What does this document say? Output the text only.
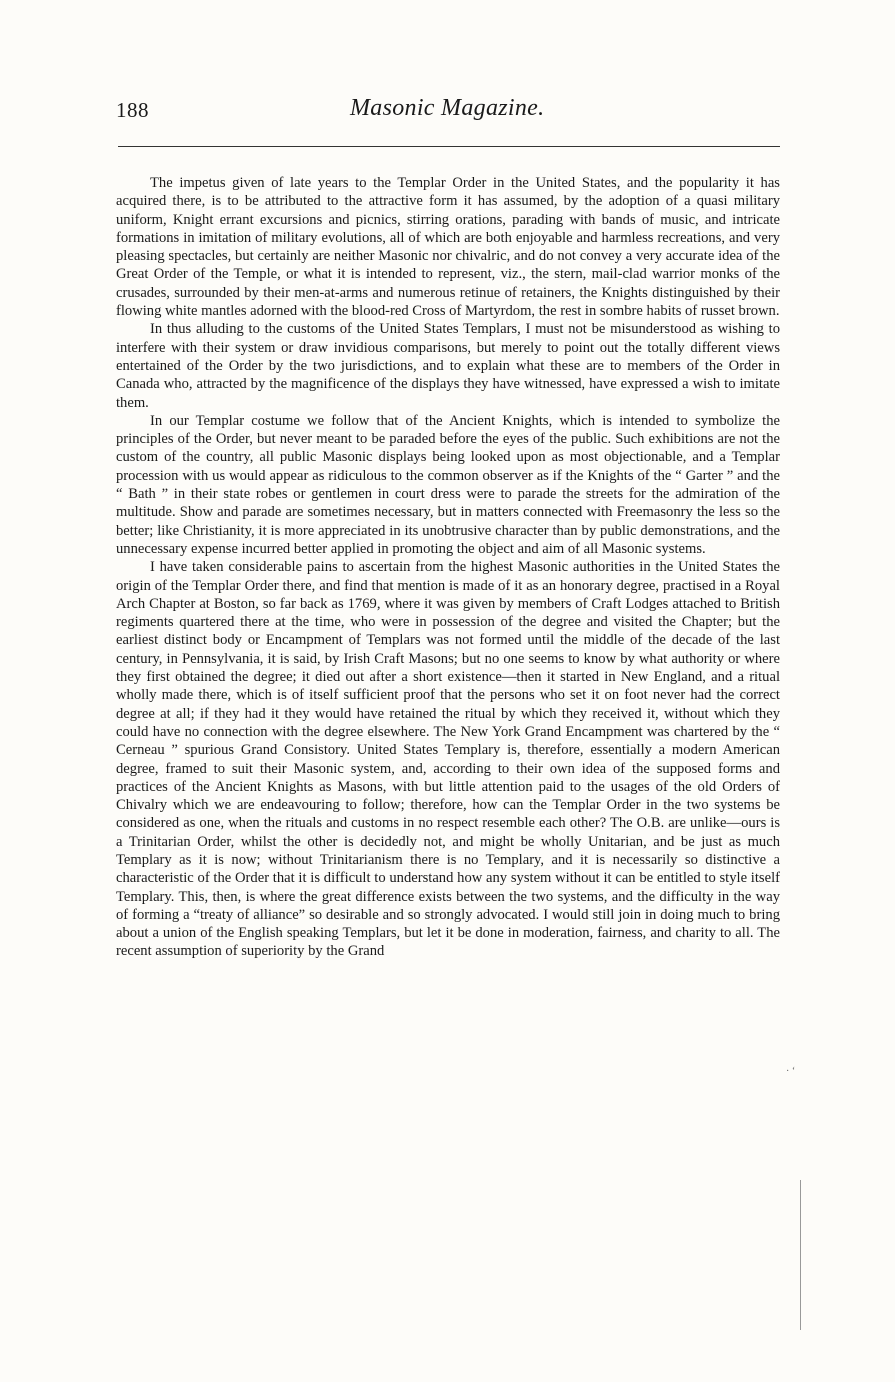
188	Masonic Magazine.

The impetus given of late years to the Templar Order in the United States, and the popularity it has acquired there, is to be attributed to the attractive form it has assumed, by the adoption of a quasi military uniform, Knight errant excursions and picnics, stirring orations, parading with bands of music, and intricate formations in imitation of military evolutions, all of which are both enjoyable and harmless recreations, and very pleasing spectacles, but certainly are neither Masonic nor chivalric, and do not convey a very accurate idea of the Great Order of the Temple, or what it is intended to represent, viz., the stern, mail-clad warrior monks of the crusades, surrounded by their men-at-arms and numerous retinue of retainers, the Knights distinguished by their flowing white mantles adorned with the blood-red Cross of Martyrdom, the rest in sombre habits of russet brown.

In thus alluding to the customs of the United States Templars, I must not be misunderstood as wishing to interfere with their system or draw invidious comparisons, but merely to point out the totally different views entertained of the Order by the two jurisdictions, and to explain what these are to members of the Order in Canada who, attracted by the magnificence of the displays they have witnessed, have expressed a wish to imitate them.

In our Templar costume we follow that of the Ancient Knights, which is intended to symbolize the principles of the Order, but never meant to be paraded before the eyes of the public. Such exhibitions are not the custom of the country, all public Masonic displays being looked upon as most objectionable, and a Templar procession with us would appear as ridiculous to the common observer as if the Knights of the “ Garter ” and the “ Bath ” in their state robes or gentlemen in court dress were to parade the streets for the admiration of the multitude. Show and parade are sometimes necessary, but in matters connected with Freemasonry the less so the better; like Christianity, it is more appreciated in its unobtrusive character than by public demonstrations, and the unnecessary expense incurred better applied in promoting the object and aim of all Masonic systems.

I have taken considerable pains to ascertain from the highest Masonic authorities in the United States the origin of the Templar Order there, and find that mention is made of it as an honorary degree, practised in a Royal Arch Chapter at Boston, so far back as 1769, where it was given by members of Craft Lodges attached to British regiments quartered there at the time, who were in possession of the degree and visited the Chapter; but the earliest distinct body or Encampment of Templars was not formed until the middle of the decade of the last century, in Pennsylvania, it is said, by Irish Craft Masons; but no one seems to know by what authority or where they first obtained the degree; it died out after a short existence—then it started in New England, and a ritual wholly made there, which is of itself sufficient proof that the persons who set it on foot never had the correct degree at all; if they had it they would have retained the ritual by which they received it, without which they could have no connection with the degree elsewhere. The New York Grand Encampment was chartered by the “ Cerneau ” spurious Grand Consistory. United States Templary is, therefore, essentially a modern American degree, framed to suit their Masonic system, and, according to their own idea of the supposed forms and practices of the Ancient Knights as Masons, with but little attention paid to the usages of the old Orders of Chivalry which we are endeavouring to follow; therefore, how can the Templar Order in the two systems be considered as one, when the rituals and customs in no respect resemble each other? The O.B. are unlike—ours is a Trinitarian Order, whilst the other is decidedly not, and might be wholly Unitarian, and be just as much Templary as it is now; without Trinitarianism there is no Templary, and it is necessarily so distinctive a characteristic of the Order that it is difficult to understand how any system without it can be entitled to style itself Templary. This, then, is where the great difference exists between the two systems, and the difficulty in the way of forming a “treaty of alliance” so desirable and so strongly advocated. I would still join in doing much to bring about a union of the English speaking Templars, but let it be done in moderation, fairness, and charity to all. The recent assumption of superiority by the Grand

· ‘
